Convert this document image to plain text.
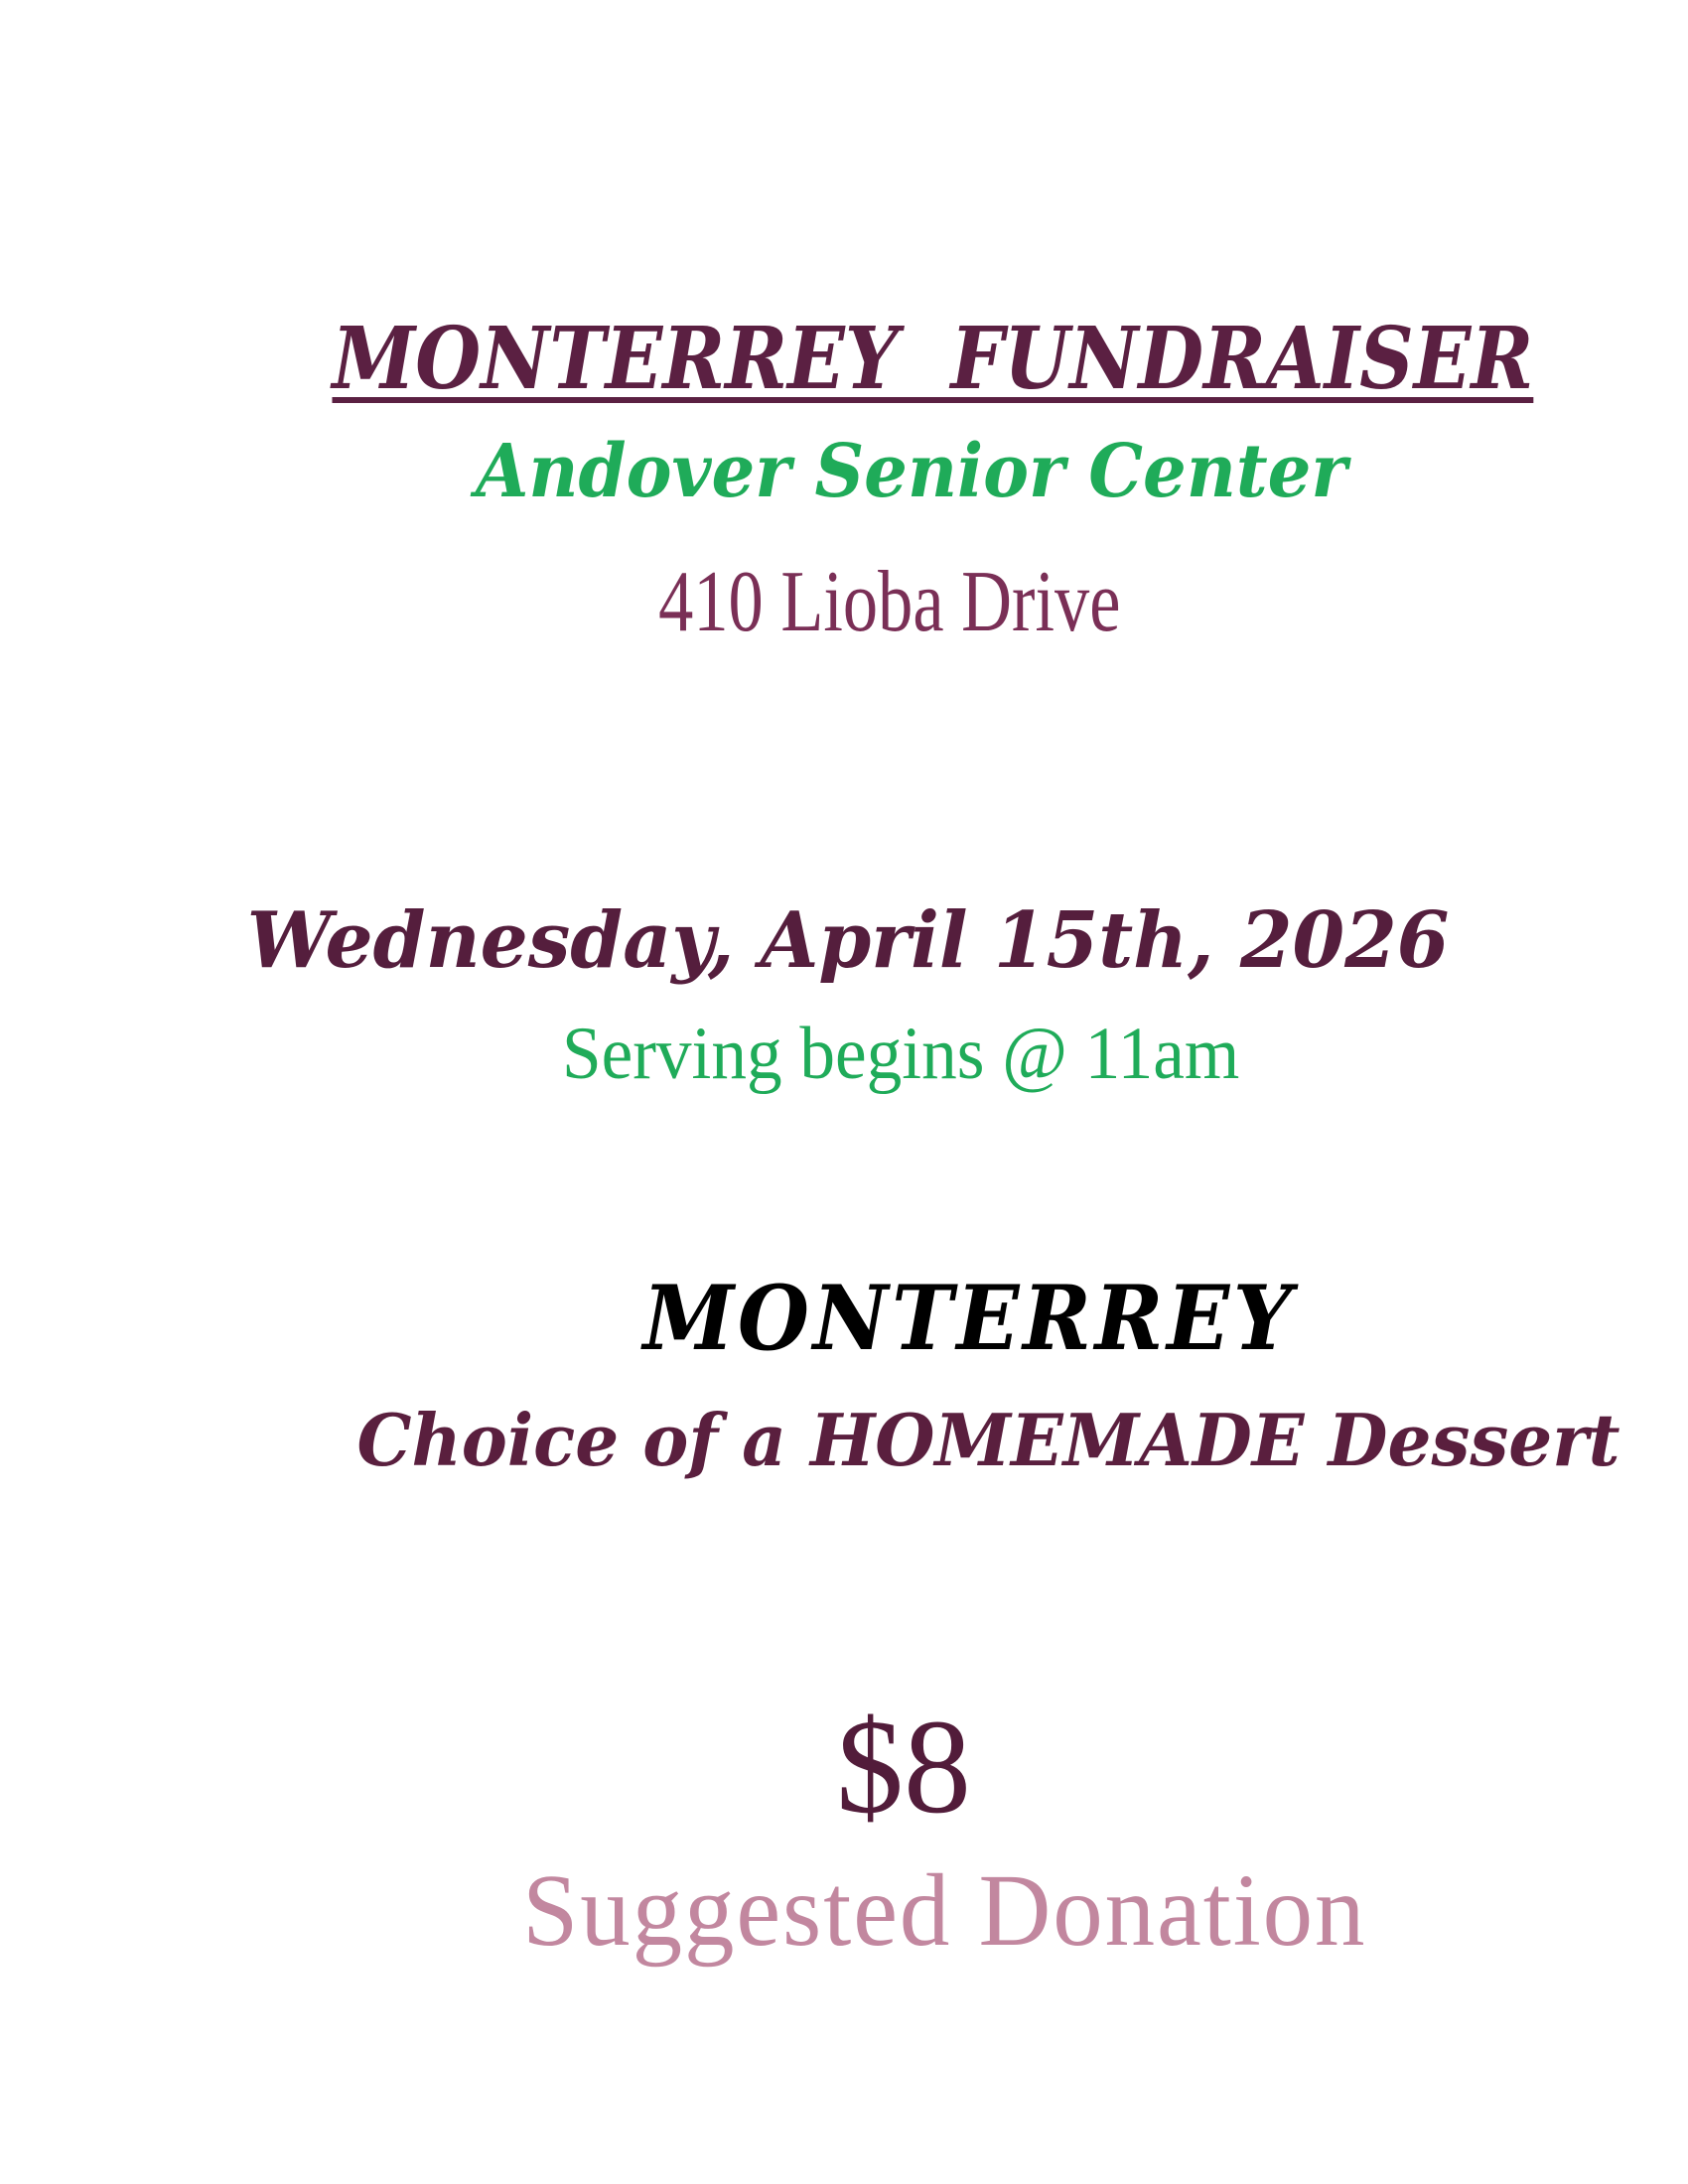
MONTERREY  FUNDRAISER

Andover Senior Center

410 Lioba Drive

Wednesday, April 15th, 2026

Serving begins @ 11am

MONTERREY

Choice of a HOMEMADE Dessert

$8

Suggested Donation
